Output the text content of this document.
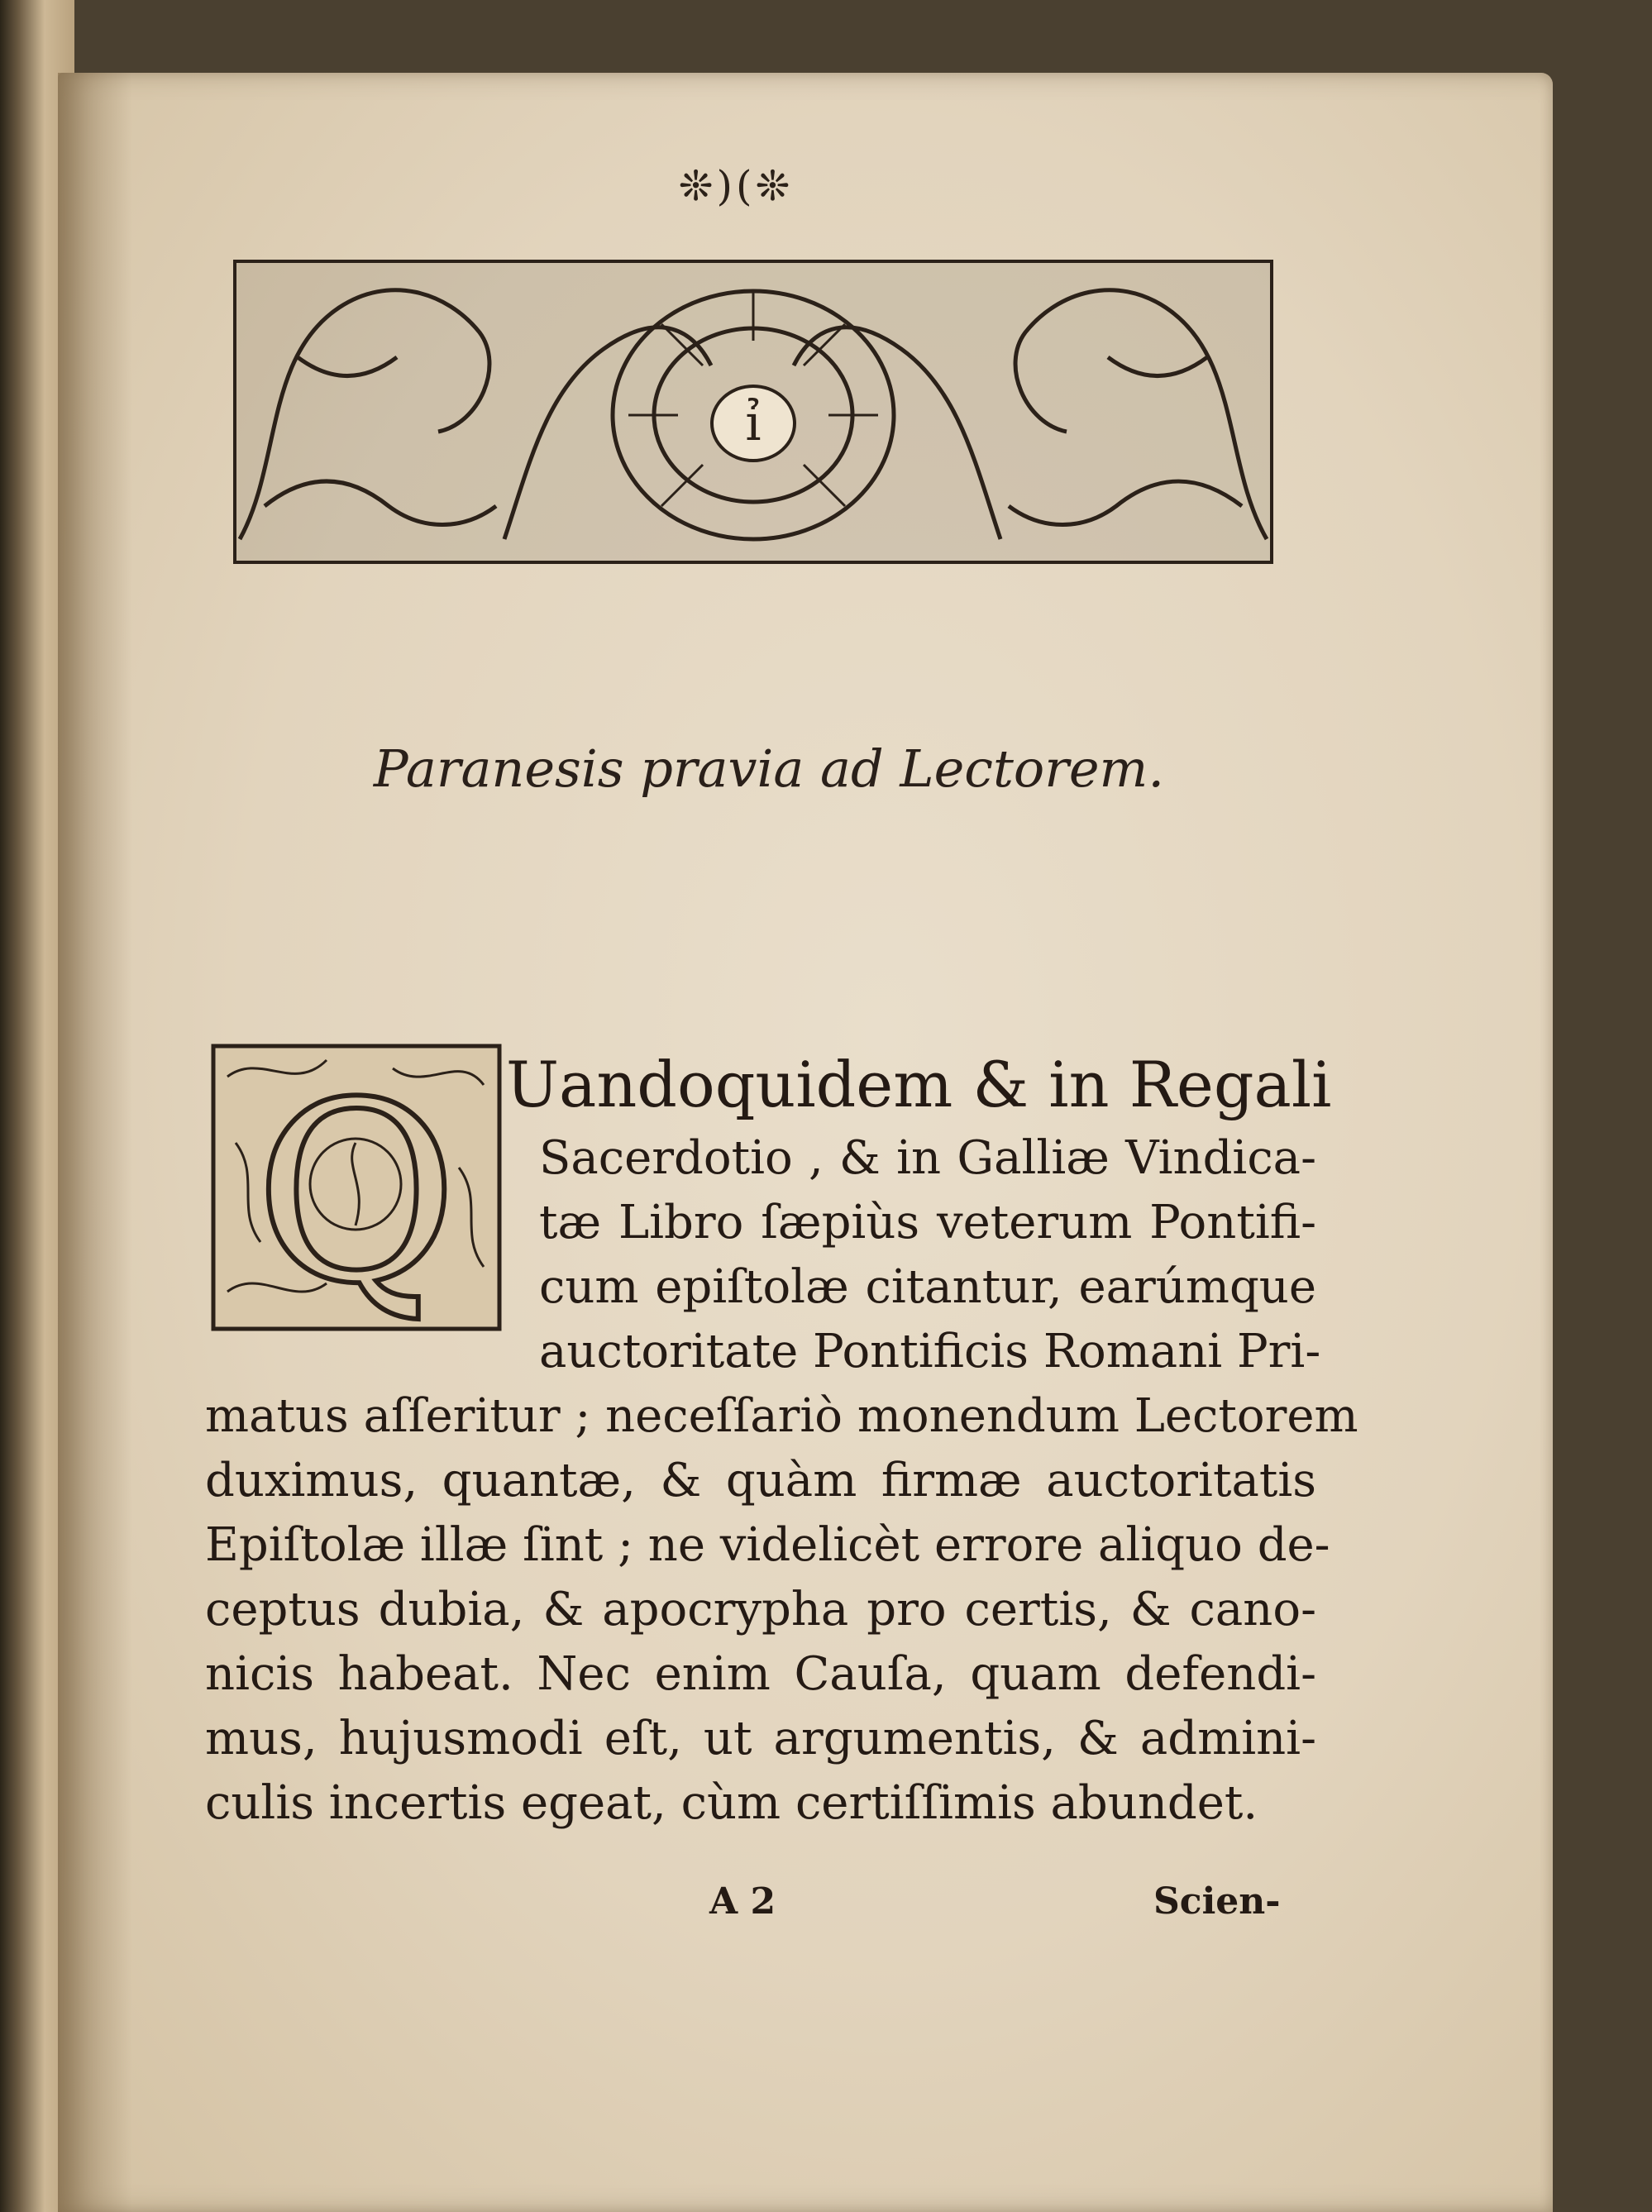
❊)(❊
ỉ
Paranesis pravia ad Lectorem.
Q Uandoquidem & in Regali
Sacerdotio , & in Galliæ Vindica-
tæ Libro ſæpiùs veterum Pontifi-
cum epiſtolæ citantur, earúmque
auctoritate Pontificis Romani Pri-
matus aſſeritur ; neceſſariò monendum Lectorem
duximus, quantæ, & quàm firmæ auctoritatis
Epiſtolæ illæ ſint ; ne videlicèt errore aliquo de-
ceptus dubia, & apocrypha pro certis, & cano-
nicis habeat. Nec enim Cauſa, quam defendi-
mus, hujusmodi eſt, ut argumentis, & admini-
culis incertis egeat, cùm certiſſimis abundet.
A 2	Scien-
